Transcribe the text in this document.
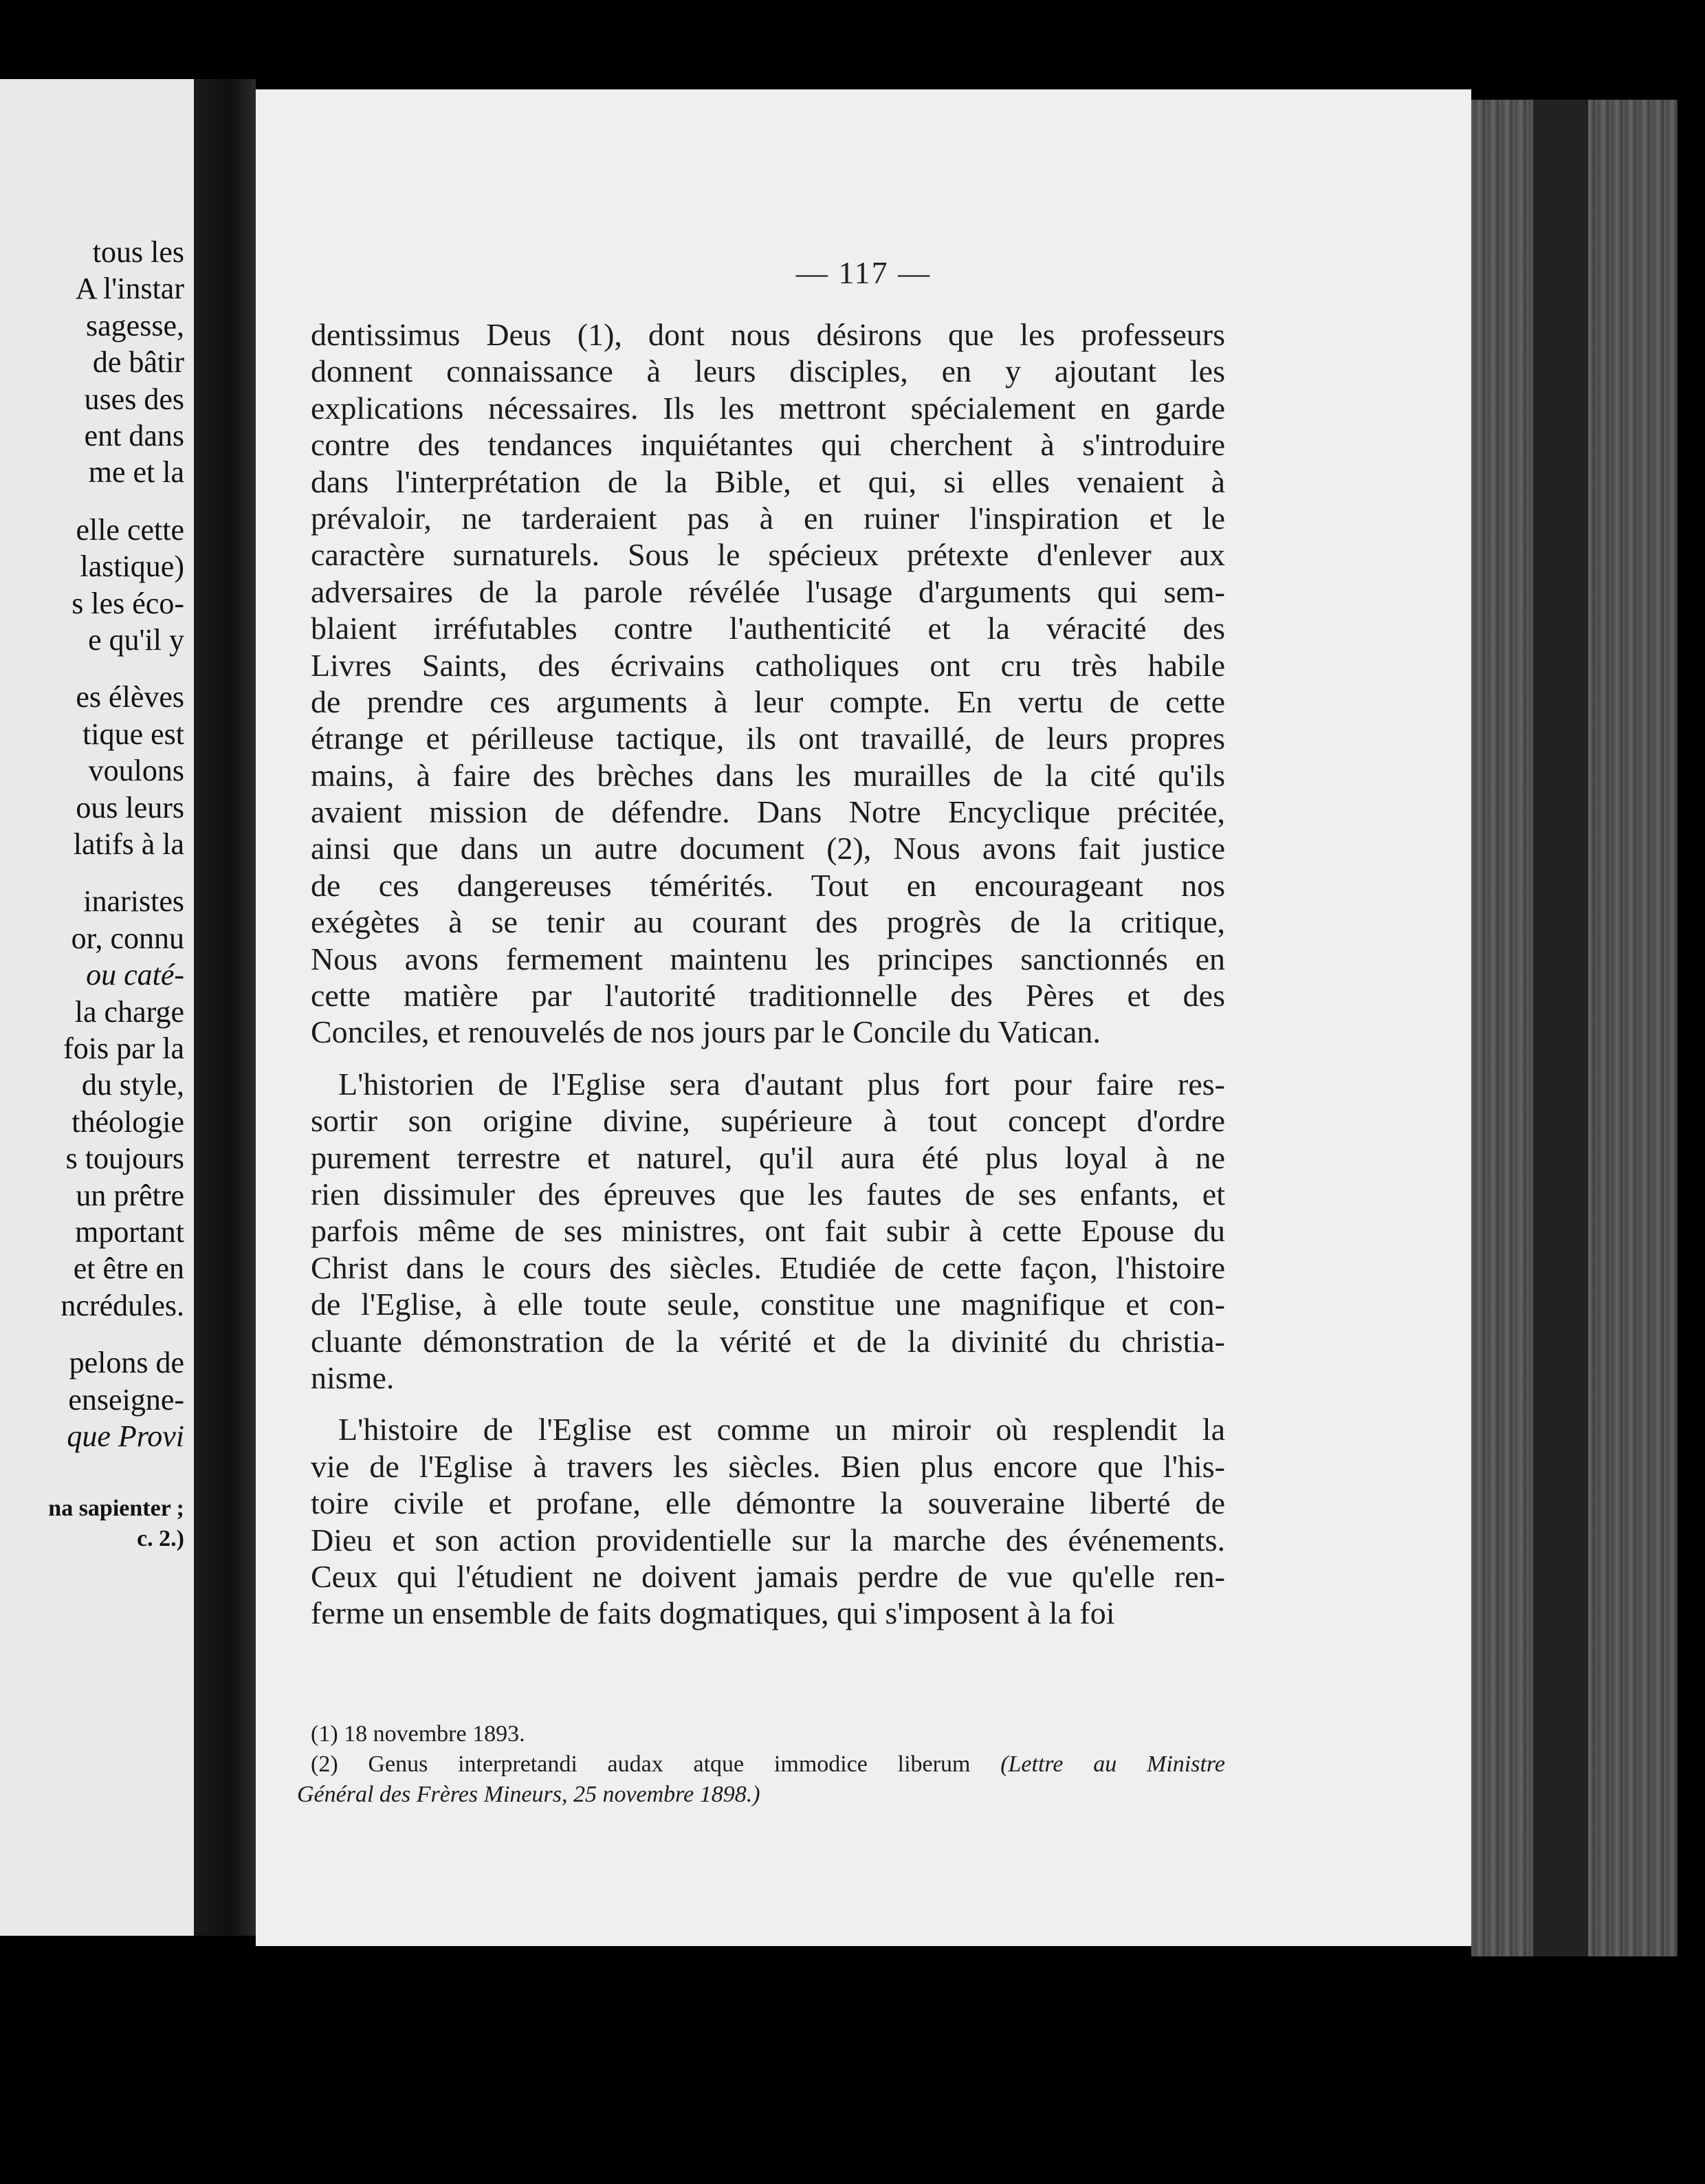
tous les
A l'instar
sagesse,
de bâtir
uses des
ent dans
me et la
elle cette
lastique)
s les éco-
e qu'il y
es élèves
tique est
voulons
ous leurs
latifs à la
inaristes
or, connu
ou caté-
la charge
fois par la
du style,
théologie
s toujours
un prêtre
mportant
et être en
ncrédules.
pelons de
enseigne-
que Provi
na sapienter ;
c. 2.)
— 117 —
dentissimus Deus (1), dont nous désirons que les professeurs
donnent connaissance à leurs disciples, en y ajoutant les
explications nécessaires. Ils les mettront spécialement en garde
contre des tendances inquiétantes qui cherchent à s'introduire
dans l'interprétation de la Bible, et qui, si elles venaient à
prévaloir, ne tarderaient pas à en ruiner l'inspiration et le
caractère surnaturels. Sous le spécieux prétexte d'enlever aux
adversaires de la parole révélée l'usage d'arguments qui sem-
blaient irréfutables contre l'authenticité et la véracité des
Livres Saints, des écrivains catholiques ont cru très habile
de prendre ces arguments à leur compte. En vertu de cette
étrange et périlleuse tactique, ils ont travaillé, de leurs propres
mains, à faire des brèches dans les murailles de la cité qu'ils
avaient mission de défendre. Dans Notre Encyclique précitée,
ainsi que dans un autre document (2), Nous avons fait justice
de ces dangereuses témérités. Tout en encourageant nos
exégètes à se tenir au courant des progrès de la critique,
Nous avons fermement maintenu les principes sanctionnés en
cette matière par l'autorité traditionnelle des Pères et des
Conciles, et renouvelés de nos jours par le Concile du Vatican.
L'historien de l'Eglise sera d'autant plus fort pour faire res-
sortir son origine divine, supérieure à tout concept d'ordre
purement terrestre et naturel, qu'il aura été plus loyal à ne
rien dissimuler des épreuves que les fautes de ses enfants, et
parfois même de ses ministres, ont fait subir à cette Epouse du
Christ dans le cours des siècles. Etudiée de cette façon, l'histoire
de l'Eglise, à elle toute seule, constitue une magnifique et con-
cluante démonstration de la vérité et de la divinité du christia-
nisme.
L'histoire de l'Eglise est comme un miroir où resplendit la
vie de l'Eglise à travers les siècles. Bien plus encore que l'his-
toire civile et profane, elle démontre la souveraine liberté de
Dieu et son action providentielle sur la marche des événements.
Ceux qui l'étudient ne doivent jamais perdre de vue qu'elle ren-
ferme un ensemble de faits dogmatiques, qui s'imposent à la foi
(1) 18 novembre 1893.
(2) Genus interpretandi audax atque immodice liberum (Lettre au Ministre
Général des Frères Mineurs, 25 novembre 1898.)
